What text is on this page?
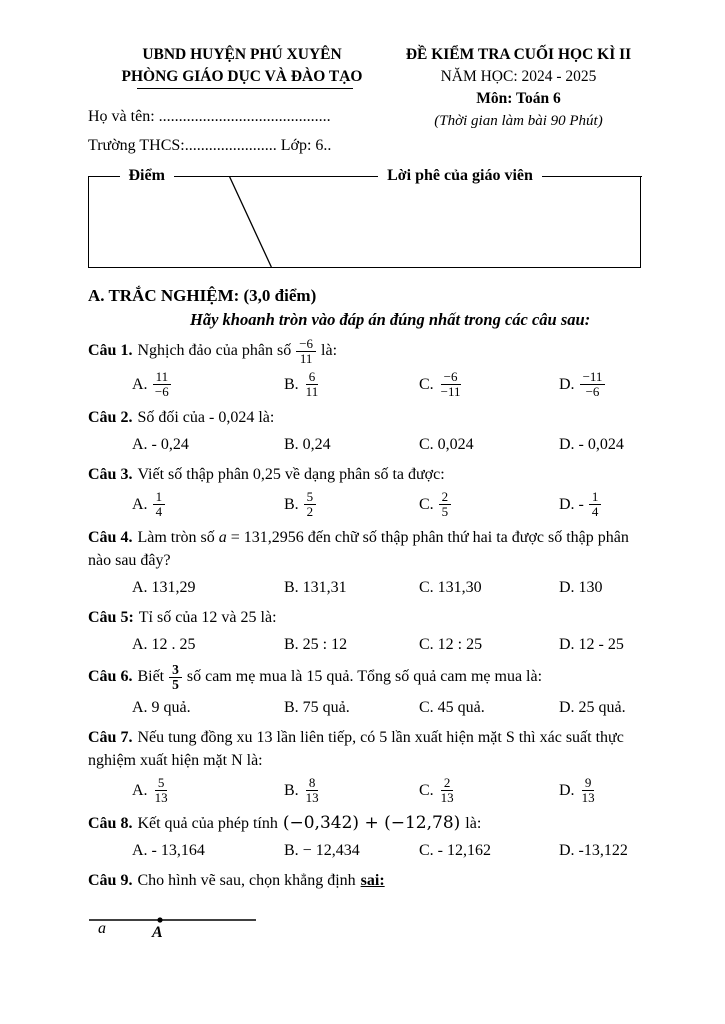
UBND HUYỆN PHÚ XUYÊN
PHÒNG GIÁO DỤC VÀ ĐÀO TẠO
Họ và tên: ...........................................
Trường THCS:....................... Lớp: 6..
ĐỀ KIỂM TRA CUỐI HỌC KÌ II
NĂM HỌC: 2024 - 2025
Môn: Toán 6
(Thời gian làm bài 90 Phút)
Điểm	Lời phê của giáo viên
A. TRẮC NGHIỆM: (3,0 điểm)
Hãy khoanh tròn vào đáp án đúng nhất trong các câu sau:
Câu 1. Nghịch đảo của phân số $\frac{-6}{11}$ là:
A. $\frac{11}{-6}$	B. $\frac{6}{11}$	C. $\frac{-6}{-11}$	D. $\frac{-11}{-6}$
Câu 2. Số đối của - 0,024 là:
A. - 0,24	B. 0,24	C. 0,024	D. - 0,024
Câu 3. Viết số thập phân 0,25 về dạng phân số ta được:
A. $\frac{1}{4}$	B. $\frac{5}{2}$	C. $\frac{2}{5}$	D. - $\frac{1}{4}$
Câu 4. Làm tròn số a = 131,2956 đến chữ số thập phân thứ hai ta được số thập phân nào sau đây?
A. 131,29	B. 131,31	C. 131,30	D. 130
Câu 5: Tỉ số của 12 và 25 là:
A. 12 . 25	B. 25 : 12	C. 12 : 25	D. 12 - 25
Câu 6. Biết $\frac{3}{5}$ số cam mẹ mua là 15 quả. Tổng số quả cam mẹ mua là:
A. 9 quả.	B. 75 quả.	C. 45 quả.	D. 25 quả.
Câu 7. Nếu tung đồng xu 13 lần liên tiếp, có 5 lần xuất hiện mặt S thì xác suất thực nghiệm xuất hiện mặt N là:
A. $\frac{5}{13}$	B. $\frac{8}{13}$	C. $\frac{2}{13}$	D. $\frac{9}{13}$
Câu 8. Kết quả của phép tính (−0,342) + (−12,78) là:
A. - 13,164	B. − 12,434	C. - 12,162	D. -13,122
Câu 9. Cho hình vẽ sau, chọn khẳng định sai:
a	A
